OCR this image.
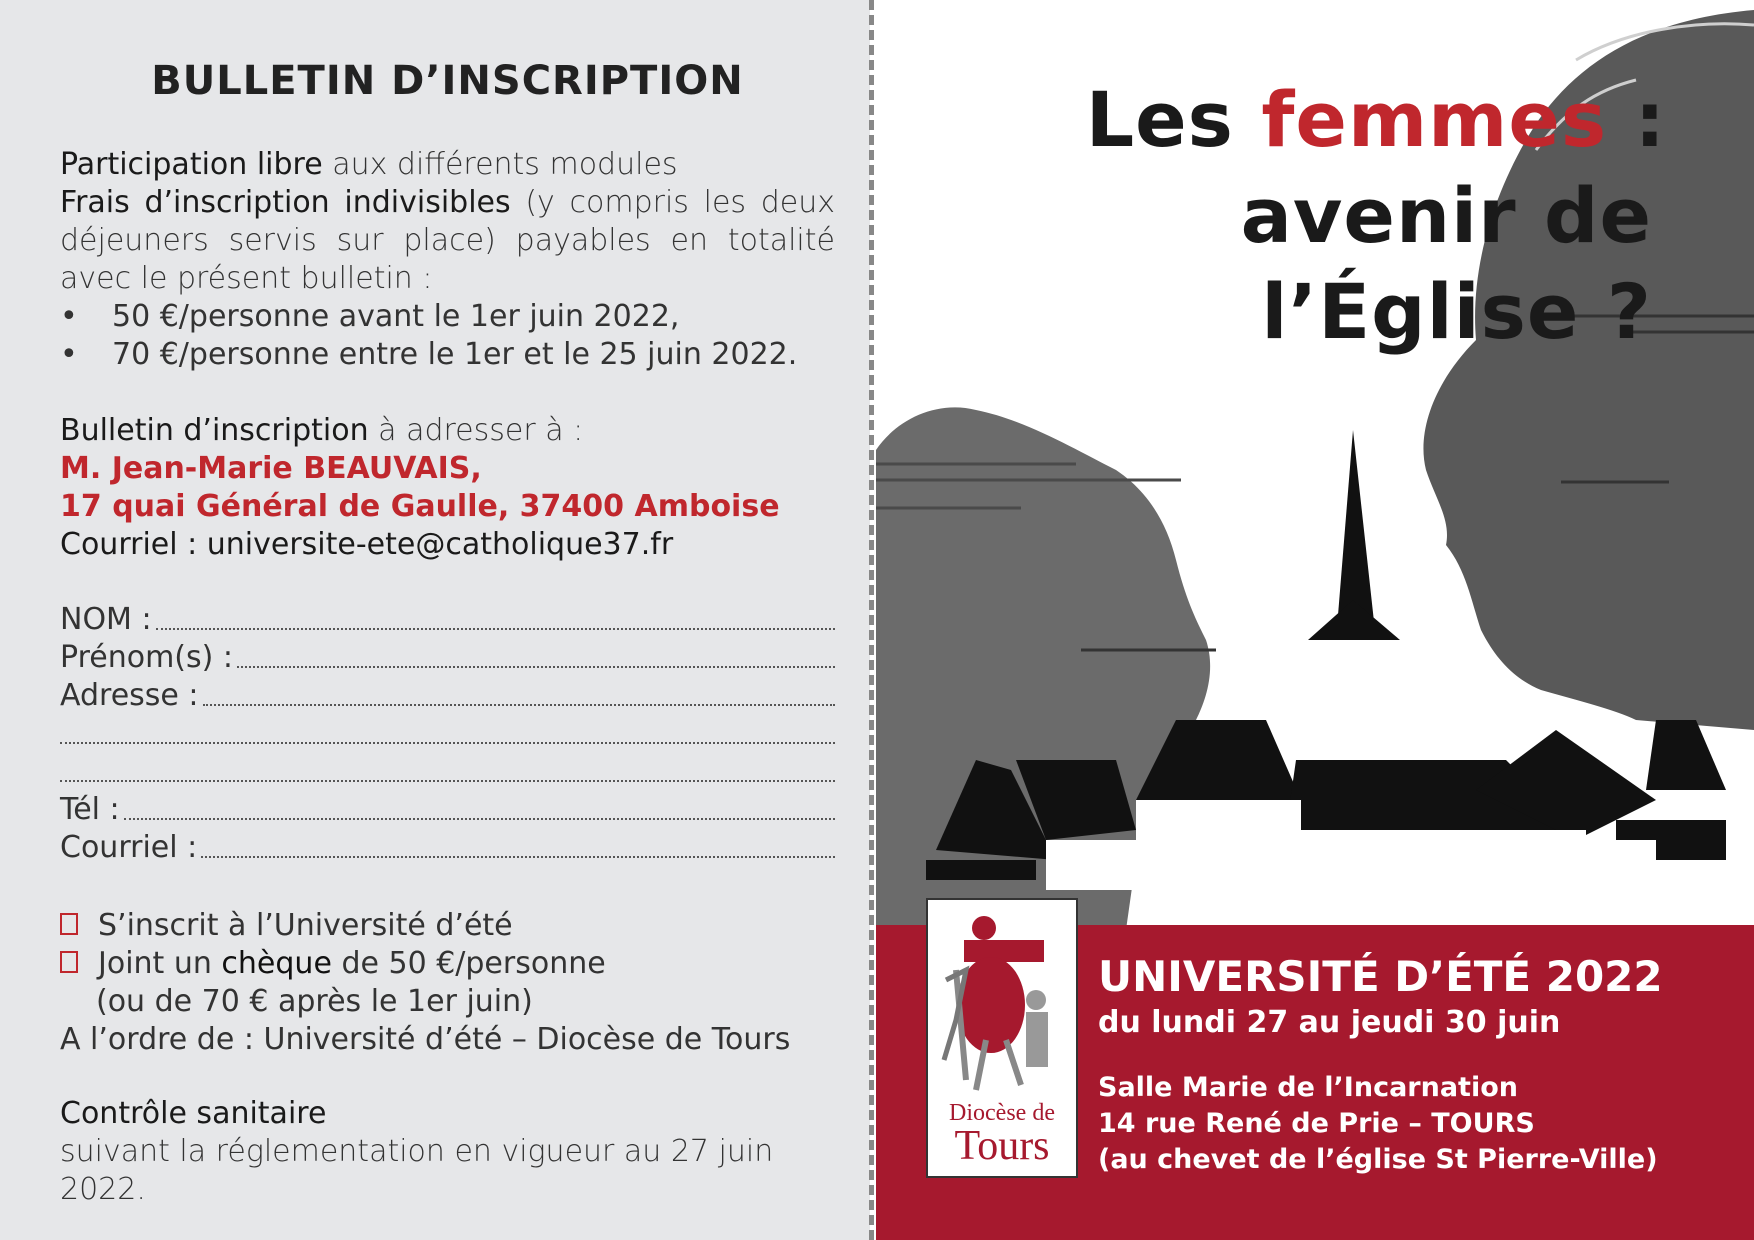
BULLETIN D’INSCRIPTION
Participation libre aux différents modules
Frais d’inscription indivisibles (y compris les deux déjeuners servis sur place) payables en totalité avec le présent bulletin :
• 50 €/personne avant le 1er juin 2022,
• 70 €/personne entre le 1er et le 25 juin 2022.
Bulletin d’inscription à adresser à :
M. Jean-Marie BEAUVAIS,
17 quai Général de Gaulle, 37400 Amboise
Courriel : universite-ete@catholique37.fr
NOM :
Prénom(s) :
Adresse :
Tél :
Courriel :
S’inscrit à l’Université d’été
Joint un chèque de 50 €/personne
(ou de 70 € après le 1er juin)
A l’ordre de : Université d’été – Diocèse de Tours
Contrôle sanitaire
suivant la réglementation en vigueur au 27 juin 2022.
Les femmes :
avenir de
l’Église ?
Diocèse de
Tours
UNIVERSITÉ D’ÉTÉ 2022
du lundi 27 au jeudi 30 juin
Salle Marie de l’Incarnation
14 rue René de Prie – TOURS
(au chevet de l’église St Pierre-Ville)
